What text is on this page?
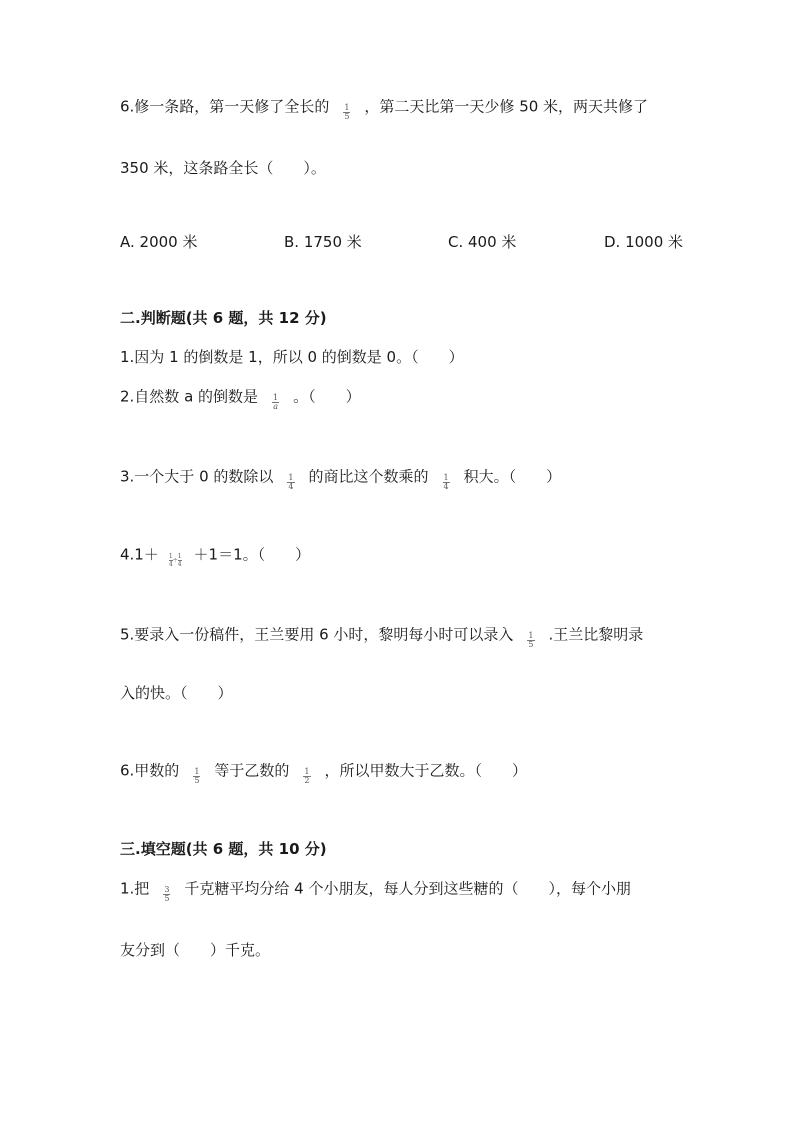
6.修一条路，第一天修了全长的 $\frac{1}{5}$ ，第二天比第一天少修 50 米，两天共修了
350 米，这条路全长（　　）。
A. 2000 米	B. 1750 米	C. 400 米	D. 1000 米
二.判断题(共 6 题，共 12 分)
1.因为 1 的倒数是 1，所以 0 的倒数是 0。（　　）
2.自然数 a 的倒数是 $\frac{1}{a}$ 。（　　）
3.一个大于 0 的数除以 $\frac{1}{4}$ 的商比这个数乘的 $\frac{1}{4}$ 积大。（　　）
$4.1+ \frac{1}{4} \div \frac{1}{4} +1=1$。（　　）
5.要录入一份稿件，王兰要用 6 小时，黎明每小时可以录入 $\frac{1}{5}$ .王兰比黎明录
入的快。（　　）
6.甲数的 $\frac{1}{5}$ 等于乙数的 $\frac{1}{2}$ ，所以甲数大于乙数。（　　）
三.填空题(共 6 题，共 10 分)
1.把 $\frac{3}{5}$ 千克糖平均分给 4 个小朋友，每人分到这些糖的（　　），每个小朋
友分到（　　）千克。
